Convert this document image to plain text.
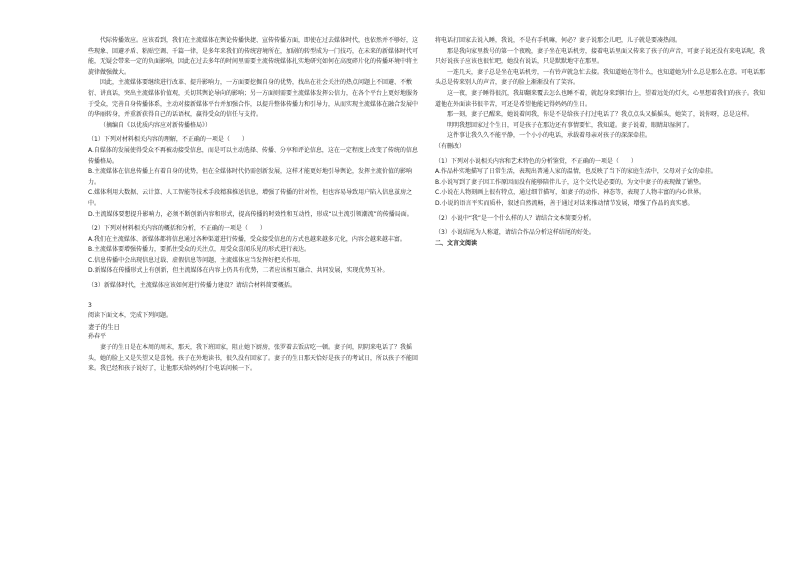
代际传播效应。应该看到，我们在主流媒体在舆论传播快捷、宣传传播方面，即使在过去媒体时代，也依然并不够好，这些现象、回避矛盾、粘贴空调、千篇一律，是多年来我们的传统窘境所在，加剧的转型成为一门技巧，在未来的新媒体时代可能，无疑会带来一定的负面影响，因此在过去多年的时间里需要主流传统媒体扎实地研究如何在高度碎片化的传播环境中将主旋律做强做大。

因此，主流媒体要继续进行改革、提升影响力，一方面要挖掘自身的优势，找出在社会关注的热点问题上不回避、不敷衍、讲真话，突出主流媒体价值观，关切其舆论导向的影响；另一方面则需要主流媒体发挥公信力，在各个平台上更好地服务于受众，完善自身传播体系，主动对接新媒体平台并加强合作，以提升整体传播力和引导力，从而实现主流媒体在融合发展中的华丽转身，并重新获得自己的话语权，赢得受众的信任与支持。

（摘编自《以优质内容应对新传播格局》）

（1）下列对材料相关内容的理解，不正确的一项是（　　）

A.自媒体的发展使得受众不再被动接受信息，而是可以主动选择、传播、分享和评论信息，这在一定程度上改变了传统的信息传播格局。

B.主流媒体在信息传播上有着自身的优势，但在全媒体时代仍需创新发展，这样才能更好地引导舆论，发挥主流价值的影响力。

C.媒体利用大数据、云计算、人工智能等技术手段精准推送信息，增强了传播的针对性，但也容易导致用户陷入信息茧房之中。

D.主流媒体要想提升影响力，必须不断创新内容和形式，提高传播的时效性和互动性，形成“以主流引领潮流”的传播局面。

（2）下列对材料相关内容的概括和分析，不正确的一项是（　　）

A.我们在主流媒体、新媒体都将信息通过各种渠道进行传播，受众接受信息的方式也越来越多元化，内容会越来越丰富。

B.主流媒体要增强传播力，要抓住受众的关注点，用受众喜闻乐见的形式进行表达。

C.信息传播中会出现信息过载、虚假信息等问题，主流媒体应当发挥好把关作用。

D.新媒体在传播形式上有创新，但主流媒体在内容上仍具有优势，二者应该相互融合、共同发展，实现优势互补。

（3）新媒体时代，主流媒体应该如何进行传播力建设？请结合材料简要概括。

3

阅读下面文本，完成下列问题。

妻子的生日

孙春平

妻子的生日是在本周的周末，那天，我下班回家，阻止她下厨房，张罗着去饭店吃一顿。妻子问，阴阴来电话了？我摇头，她的脸上又是失望又是喜悦。孩子在外地读书，很久没有回家了。妻子的生日那天恰好是孩子的考试日，所以孩子不能回来。我已经和孩子说好了，让他那天给妈妈打个电话问候一下。

将电话打回家去说入睡，我说，不是有手机嘛，何必？妻子说那会儿吧，儿子就是要凑热闹。

那是我向家里拨号的第一个夜晚，妻子坐在电话机旁，接着电话里面又传来了孩子的声音，可妻子说还没有来电话呢，我只好说孩子应该也很忙吧，她没有说话，只是默默地守在那里。

一连几天，妻子总是坐在电话机旁，一有铃声就急忙去接。我知道她在等什么，也知道她为什么总是那么在意。可电话那头总是传来别人的声音，妻子的脸上渐渐没有了笑容。

这一夜，妻子睡得很沉，我却翻来覆去怎么也睡不着，就起身来到阳台上，望着远处的灯火，心里想着我们的孩子。我知道他在外面读书很辛苦，可还是希望他能记得妈妈的生日。

那一刻，妻子已醒来，她说着问我，你是不是给孩子打过电话了？我点点头又摇摇头，她笑了，说你呀，总是这样。

明明我想回家过个生日，可是孩子在那边还有事情要忙，我知道。妻子说着，眼睛却湿润了。

这件事让我久久不能平静，一个小小的电话，承载着母亲对孩子的深深牵挂。

（有删改）

（1）下列对小说相关内容和艺术特色的分析鉴赏，不正确的一项是（　　）

A.作品朴实地描写了日常生活，表现出普通人家的温情，也反映了当下的家庭生活中，父母对子女的牵挂。

B.小说写到了妻子因工作原因而没有能够陪伴儿子，这个交代是必要的，为文中妻子的表现做了铺垫。

C.小说在人物刻画上很有特点，通过细节描写，如妻子的动作、神态等，表现了人物丰富的内心世界。

D.小说的语言平实而质朴，叙述自然流畅，善于通过对话来推动情节发展，增强了作品的真实感。

（2）小说中“我”是一个什么样的人？请结合文本简要分析。

（3）小说结尾为人称道，请结合作品分析这样结尾的好处。

二、文言文阅读
